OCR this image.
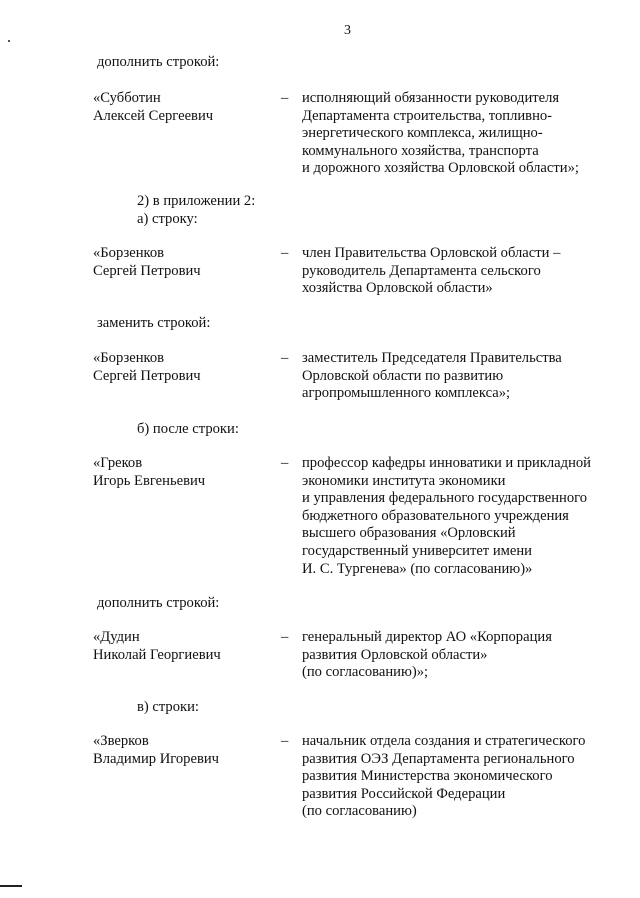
3
дополнить строкой:
«Субботин
Алексей Сергеевич
– исполняющий обязанности руководителя
Департамента строительства, топливно-
энергетического комплекса, жилищно-
коммунального хозяйства, транспорта
и дорожного хозяйства Орловской области»;
2) в приложении 2:
а) строку:
«Борзенков
Сергей Петрович
– член Правительства Орловской области –
руководитель Департамента сельского
хозяйства Орловской области»
заменить строкой:
«Борзенков
Сергей Петрович
– заместитель Председателя Правительства
Орловской области по развитию
агропромышленного комплекса»;
б) после строки:
«Греков
Игорь Евгеньевич
– профессор кафедры инноватики и прикладной
экономики института экономики
и управления федерального государственного
бюджетного образовательного учреждения
высшего образования «Орловский
государственный университет имени
И. С. Тургенева» (по согласованию)»
дополнить строкой:
«Дудин
Николай Георгиевич
– генеральный директор АО «Корпорация
развития Орловской области»
(по согласованию)»;
в) строки:
«Зверков
Владимир Игоревич
– начальник отдела создания и стратегического
развития ОЭЗ Департамента регионального
развития Министерства экономического
развития Российской Федерации
(по согласованию)
